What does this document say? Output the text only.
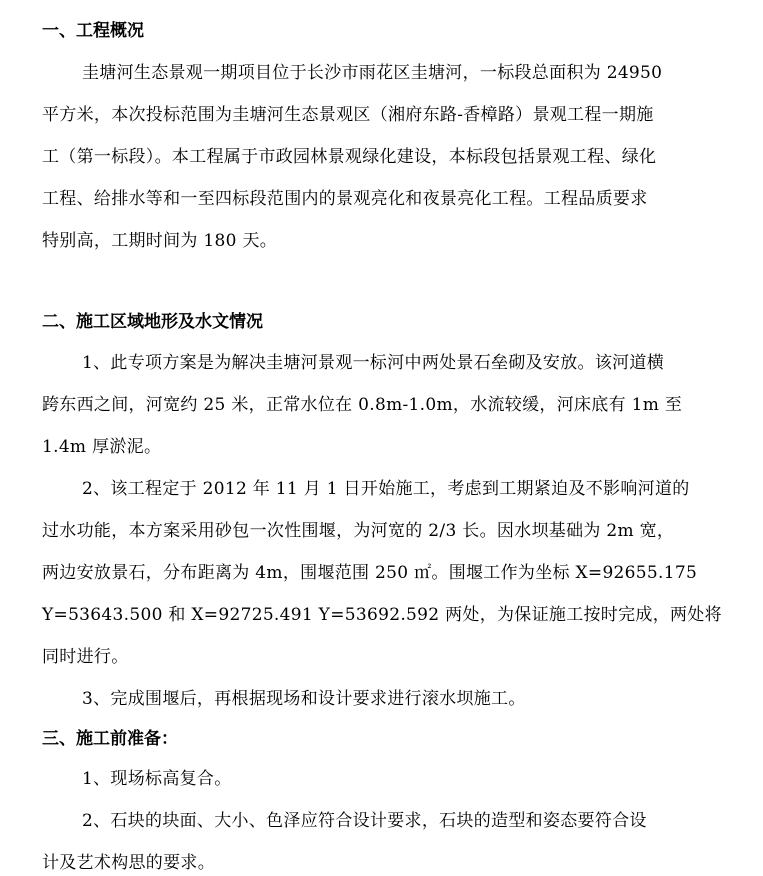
一、工程概况
圭塘河生态景观一期项目位于长沙市雨花区圭塘河，一标段总面积为 24950
平方米，本次投标范围为圭塘河生态景观区（湘府东路-香樟路）景观工程一期施
工（第一标段）。本工程属于市政园林景观绿化建设，本标段包括景观工程、绿化
工程、给排水等和一至四标段范围内的景观亮化和夜景亮化工程。工程品质要求
特别高，工期时间为 180 天。
二、施工区域地形及水文情况
1、此专项方案是为解决圭塘河景观一标河中两处景石垒砌及安放。该河道横
跨东西之间，河宽约 25 米，正常水位在 0.8m-1.0m，水流较缓，河床底有 1m 至
1.4m 厚淤泥。
2、该工程定于 2012 年 11 月 1 日开始施工，考虑到工期紧迫及不影响河道的
过水功能，本方案采用砂包一次性围堰，为河宽的 2/3 长。因水坝基础为 2m 宽，
两边安放景石，分布距离为 4m，围堰范围 250 ㎡。围堰工作为坐标 X=92655.175
Y=53643.500 和 X=92725.491 Y=53692.592 两处，为保证施工按时完成，两处将
同时进行。
3、完成围堰后，再根据现场和设计要求进行滚水坝施工。
三、施工前准备：
1、现场标高复合。
2、石块的块面、大小、色泽应符合设计要求，石块的造型和姿态要符合设
计及艺术构思的要求。
